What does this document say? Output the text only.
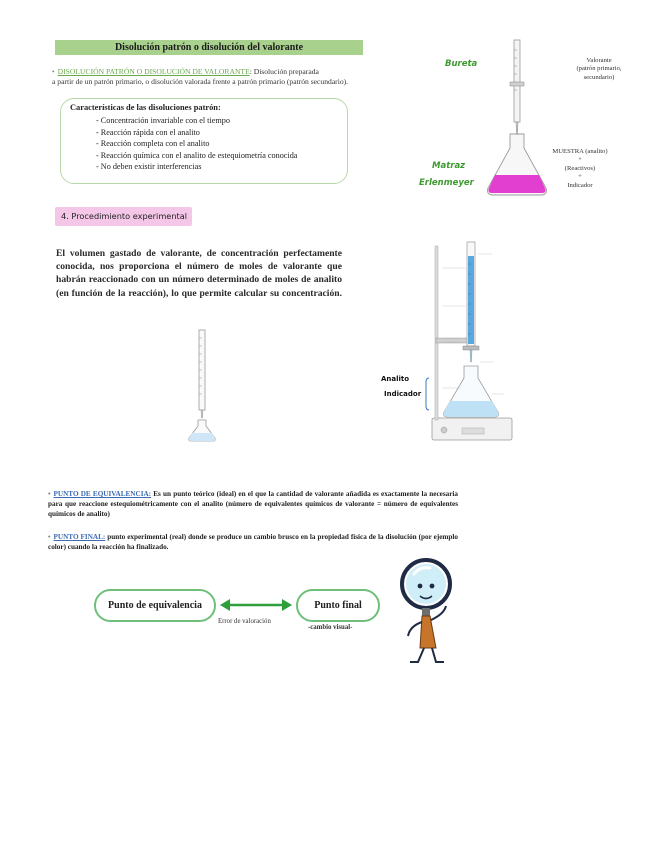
Disolución patrón o disolución del valorante
• DISOLUCIÓN PATRÓN O DISOLUCIÓN DE VALORANTE: Disolución preparada
a partir de un patrón primario, o disolución valorada frente a patrón primario (patrón secundario).
Características de las disoluciones patrón:
- Concentración invariable con el tiempo
- Reacción rápida con el analito
- Reacción completa con el analito
- Reacción química con el analito de estequiometría conocida
- No deben existir interferencias
Bureta
Matraz
Erlenmeyer
Valorante
(patrón primario,
secundario)
MUESTRA (analito)
+
(Reactivos)
+
Indicador
4. Procedimiento experimental
El volumen gastado de valorante, de concentración perfectamente conocida, nos proporciona el número de moles de valorante que habrán reaccionado con un número determinado de moles de analito (en función de la reacción), lo que permite calcular su concentración.
Analito
Indicador
• PUNTO DE EQUIVALENCIA: Es un punto teórico (ideal) en el que la cantidad de valorante añadida es exactamente la necesaria para que reaccione estequiométricamente con el analito (número de equivalentes químicos de valorante = número de equivalentes químicos de analito)
• PUNTO FINAL: punto experimental (real) donde se produce un cambio brusco en la propiedad física de la disolución (por ejemplo color) cuando la reacción ha finalizado.
Punto de equivalencia	Punto final
Error de valoración
-cambio visual-
